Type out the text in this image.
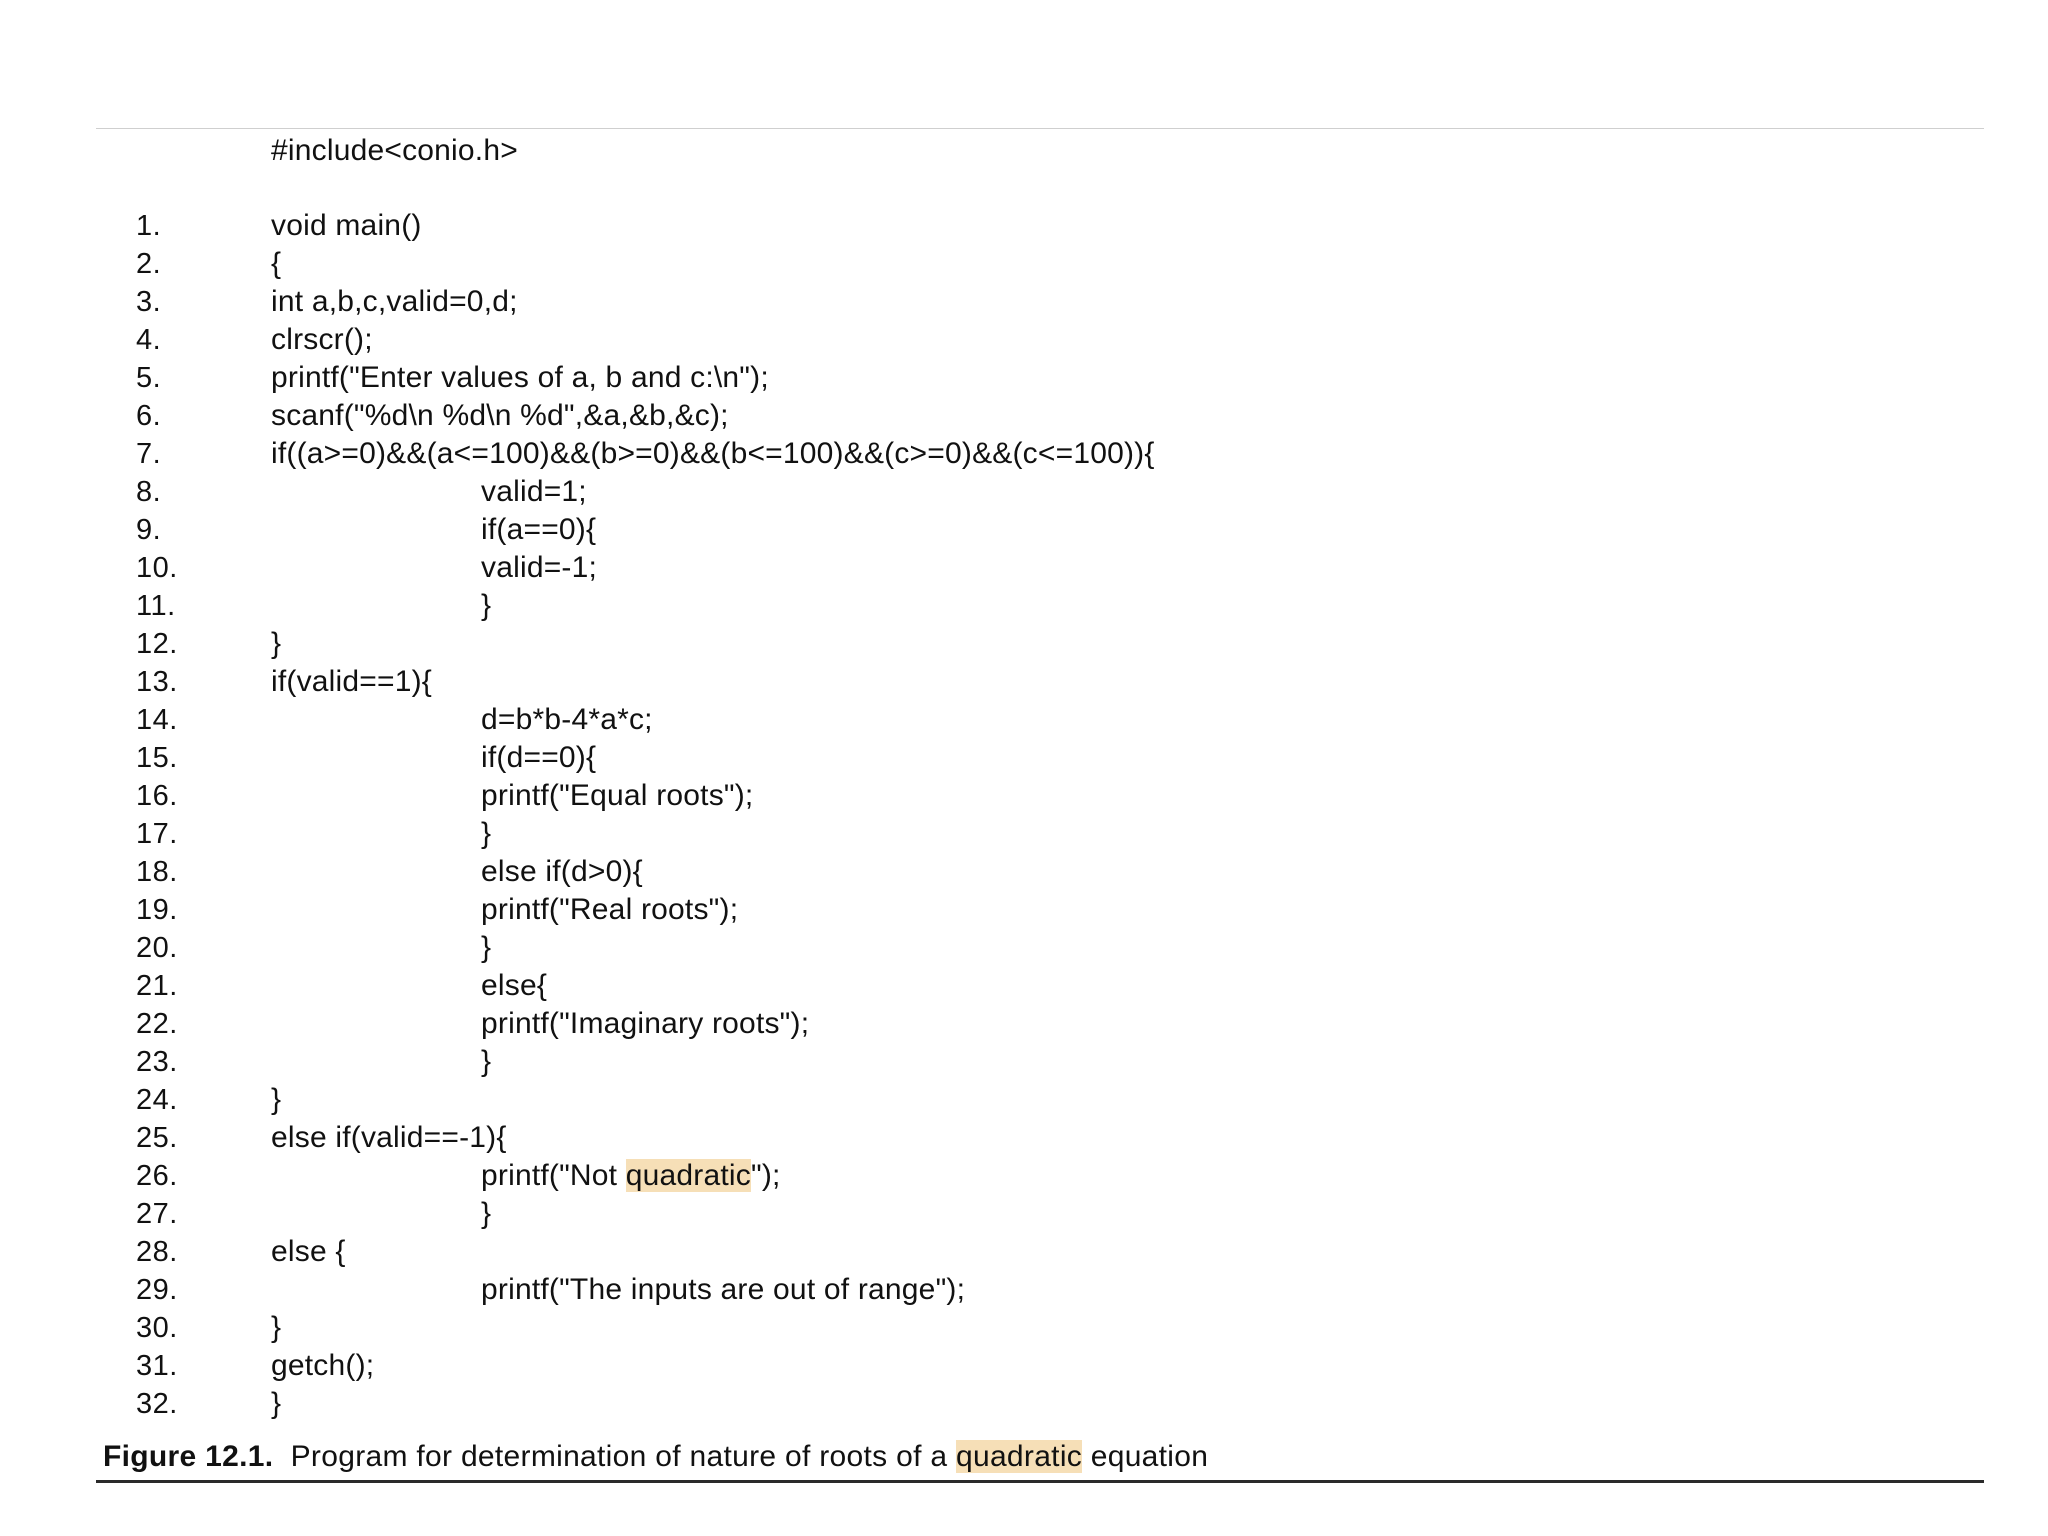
#include<conio.h>
1.	void main()
2.	{
3.	int a,b,c,valid=0,d;
4.	clrscr();
5.	printf("Enter values of a, b and c:\n");
6.	scanf("%d\n %d\n %d",&a,&b,&c);
7.	if((a>=0)&&(a<=100)&&(b>=0)&&(b<=100)&&(c>=0)&&(c<=100)){
8.	valid=1;
9.	if(a==0){
10.	valid=-1;
11.	}
12.	}
13.	if(valid==1){
14.	d=b*b-4*a*c;
15.	if(d==0){
16.	printf("Equal roots");
17.	}
18.	else if(d>0){
19.	printf("Real roots");
20.	}
21.	else{
22.	printf("Imaginary roots");
23.	}
24.	}
25.	else if(valid==-1){
26.	printf("Not quadratic");
27.	}
28.	else {
29.	printf("The inputs are out of range");
30.	}
31.	getch();
32.	}
Figure 12.1. Program for determination of nature of roots of a quadratic equation
